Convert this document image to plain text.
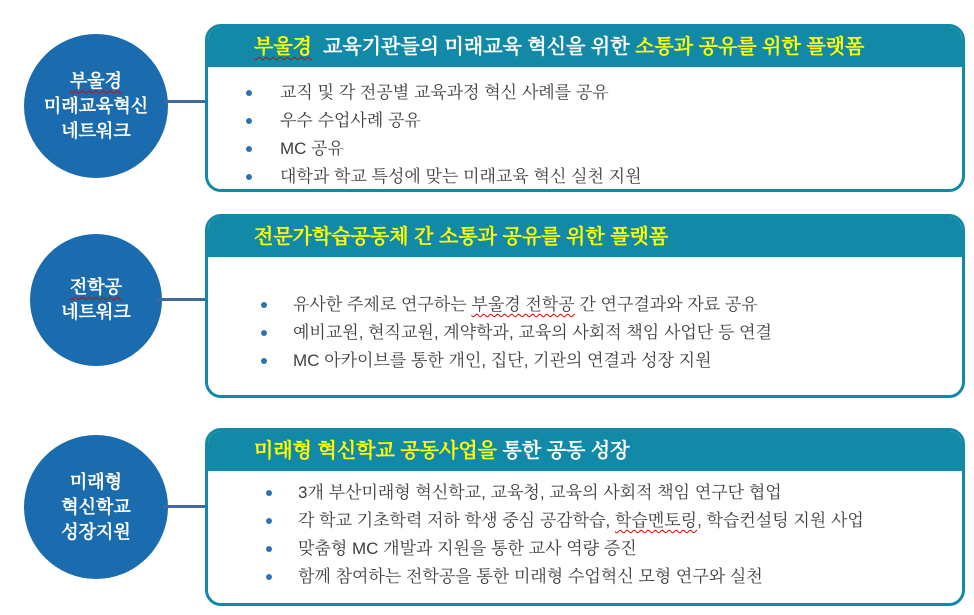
부울경
미래교육혁신
네트워크
부울경  교육기관들의 미래교육 혁신을 위한 소통과 공유를 위한 플랫폼
교직 및 각 전공별 교육과정 혁신 사례를 공유
우수 수업사례 공유
MC 공유
대학과 학교 특성에 맞는 미래교육 혁신 실천 지원
전학공
네트워크
전문가학습공동체 간 소통과 공유를 위한 플랫폼
유사한 주제로 연구하는 부울경 전학공 간 연구결과와 자료 공유
예비교원, 현직교원, 계약학과, 교육의 사회적 책임 사업단 등 연결
MC 아카이브를 통한 개인, 집단, 기관의 연결과 성장 지원
미래형
혁신학교
성장지원
미래형 혁신학교 공동사업을 통한 공동 성장
3개 부산미래형 혁신학교, 교육청, 교육의 사회적 책임 연구단 협업
각 학교 기초학력 저하 학생 중심 공감학습, 학습멘토링, 학습컨설팅 지원 사업
맞춤형 MC 개발과 지원을 통한 교사 역량 증진
함께 참여하는 전학공을 통한 미래형 수업혁신 모형 연구와 실천
